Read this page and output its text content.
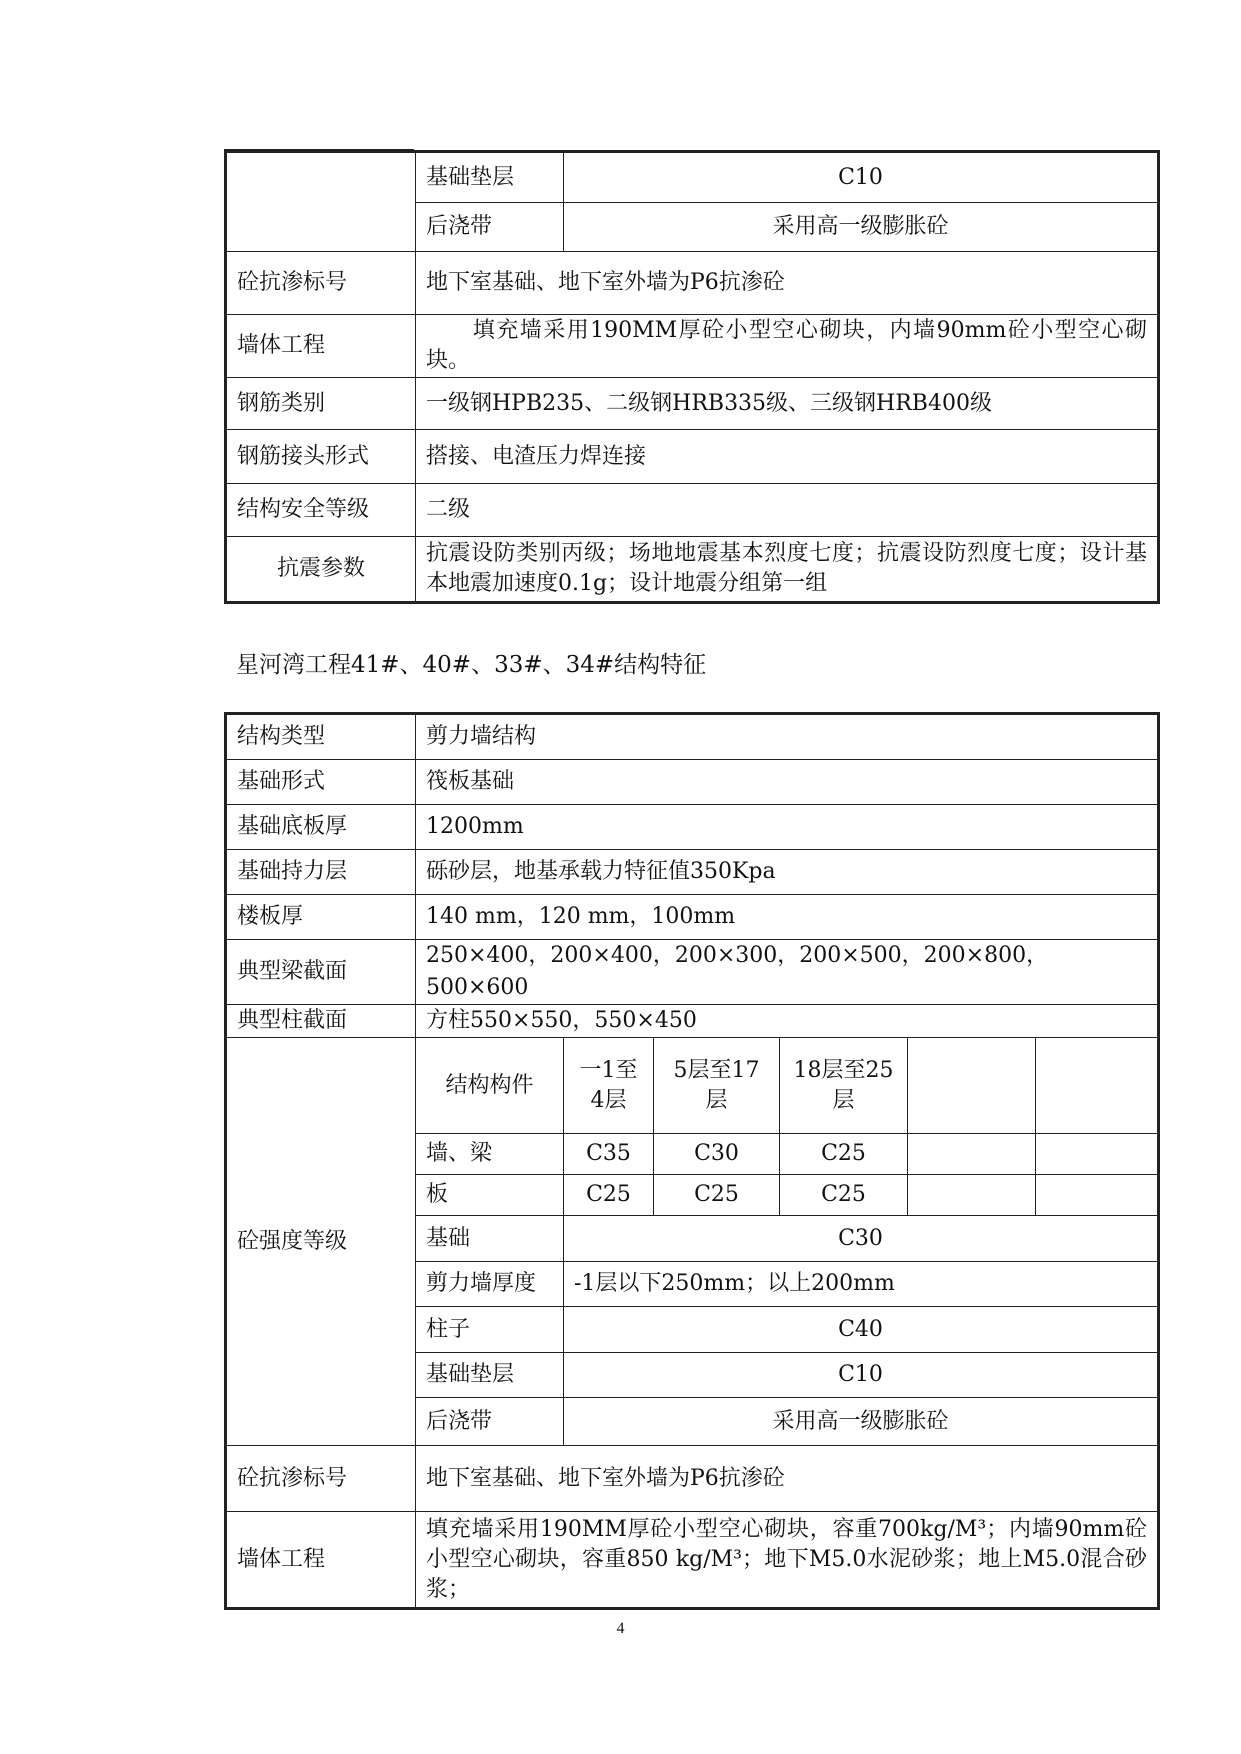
	基础垫层	C10
	后浇带	采用高一级膨胀砼
砼抗渗标号	地下室基础、地下室外墙为P6抗渗砼	
墙体工程	　　填充墙采用190MM厚砼小型空心砌块，内墙90mm砼小型空心砌块。	
钢筋类别	一级钢HPB235、二级钢HRB335级、三级钢HRB400级	
钢筋接头形式	搭接、电渣压力焊连接	
结构安全等级	二级	
抗震参数	抗震设防类别丙级；场地地震基本烈度七度；抗震设防烈度七度；设计基本地震加速度0.1g；设计地震分组第一组	
星河湾工程41#、40#、33#、34#结构特征
结构类型	剪力墙结构					
基础形式	筏板基础					
基础底板厚	1200mm					
基础持力层	砾砂层，地基承载力特征值350Kpa					
楼板厚	140 mm，120 mm，100mm					
典型梁截面	250×400，200×400，200×300，200×500，200×800，500×600					
典型柱截面	方柱550×550，550×450					
砼强度等级	结构构件	一1至4层	5层至17层	18层至25层		
	墙、梁	C35	C30	C25		
	板	C25	C25	C25		
	基础	C30				
	剪力墙厚度	-1层以下250mm；以上200mm				
	柱子	C40				
	基础垫层	C10				
	后浇带	采用高一级膨胀砼				
砼抗渗标号	地下室基础、地下室外墙为P6抗渗砼					
墙体工程	填充墙采用190MM厚砼小型空心砌块，容重700kg/M³；内墙90mm砼小型空心砌块，容重850 kg/M³；地下M5.0水泥砂浆；地上M5.0混合砂浆；					
4
